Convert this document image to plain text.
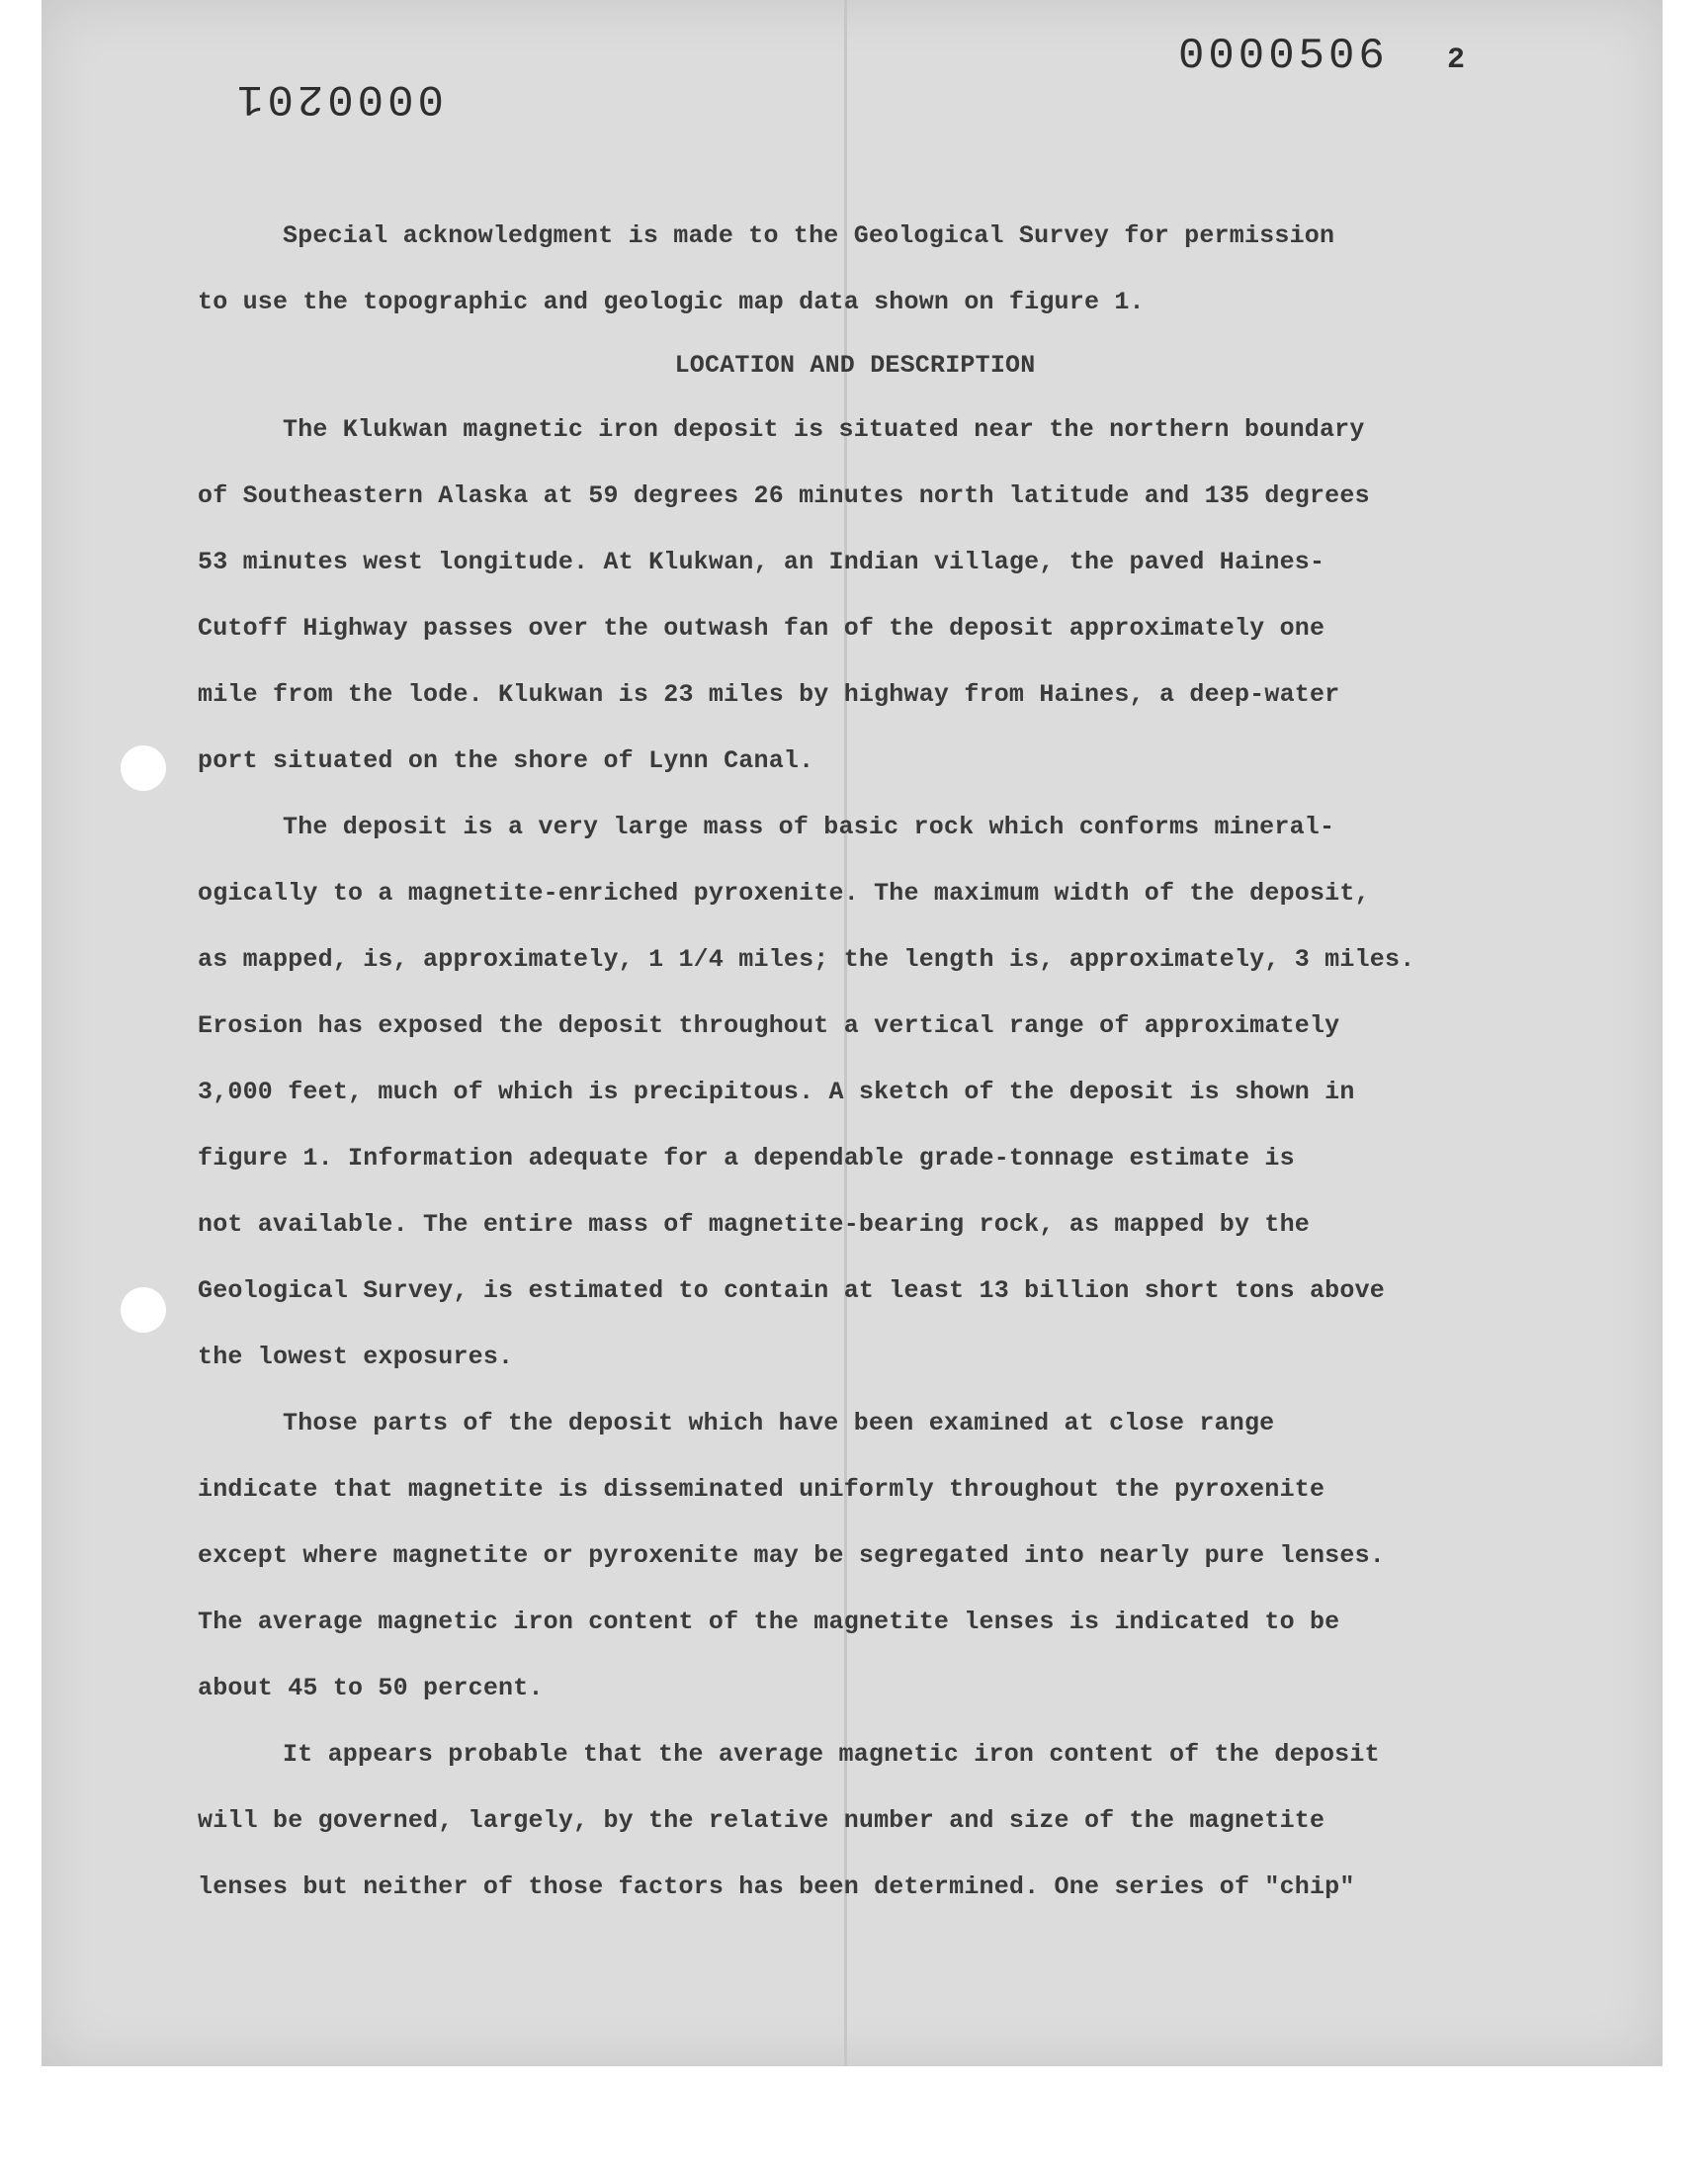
0000201
0000506 2
Special acknowledgment is made to the Geological Survey for permission
to use the topographic and geologic map data shown on figure 1.
LOCATION AND DESCRIPTION
The Klukwan magnetic iron deposit is situated near the northern boundary
of Southeastern Alaska at 59 degrees 26 minutes north latitude and 135 degrees
53 minutes west longitude. At Klukwan, an Indian village, the paved Haines-
Cutoff Highway passes over the outwash fan of the deposit approximately one
mile from the lode. Klukwan is 23 miles by highway from Haines, a deep-water
port situated on the shore of Lynn Canal.
The deposit is a very large mass of basic rock which conforms mineral-
ogically to a magnetite-enriched pyroxenite. The maximum width of the deposit,
as mapped, is, approximately, 1 1/4 miles; the length is, approximately, 3 miles.
Erosion has exposed the deposit throughout a vertical range of approximately
3,000 feet, much of which is precipitous. A sketch of the deposit is shown in
figure 1. Information adequate for a dependable grade-tonnage estimate is
not available. The entire mass of magnetite-bearing rock, as mapped by the
Geological Survey, is estimated to contain at least 13 billion short tons above
the lowest exposures.
Those parts of the deposit which have been examined at close range
indicate that magnetite is disseminated uniformly throughout the pyroxenite
except where magnetite or pyroxenite may be segregated into nearly pure lenses.
The average magnetic iron content of the magnetite lenses is indicated to be
about 45 to 50 percent.
It appears probable that the average magnetic iron content of the deposit
will be governed, largely, by the relative number and size of the magnetite
lenses but neither of those factors has been determined. One series of "chip"
